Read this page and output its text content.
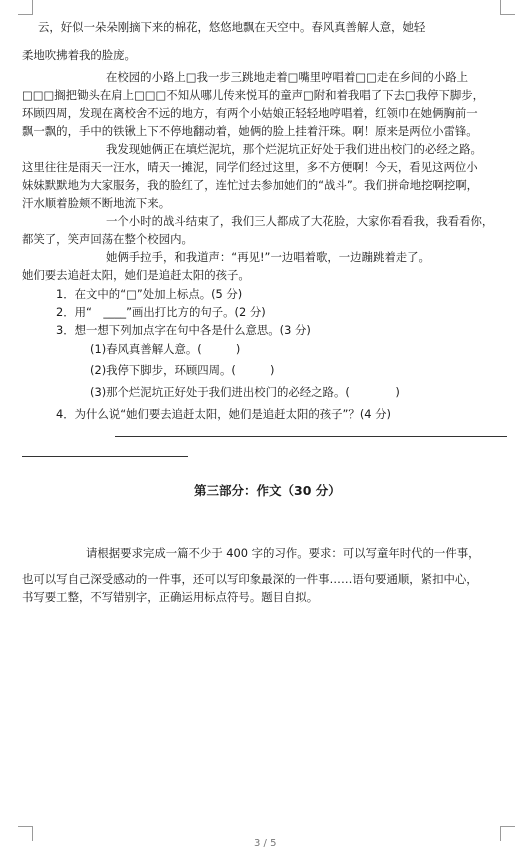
云，好似一朵朵刚摘下来的棉花，悠悠地飘在天空中。春风真善解人意，她轻
柔地吹拂着我的脸庞。
在校园的小路上□我一步三跳地走着□嘴里哼唱着□□走在乡间的小路上
□□□搁把锄头在肩上□□□不知从哪儿传来悦耳的童声□附和着我唱了下去□我停下脚步，
环顾四周，发现在离校舍不远的地方，有两个小姑娘正轻轻地哼唱着，红领巾在她俩胸前一
飘一飘的，手中的铁锹上下不停地翻动着，她俩的脸上挂着汗珠。啊！原来是两位小雷锋。
我发现她俩正在填烂泥坑，那个烂泥坑正好处于我们进出校门的必经之路。
这里往往是雨天一汪水，晴天一摊泥，同学们经过这里，多不方便啊！今天，看见这两位小
妹妹默默地为大家服务，我的脸红了，连忙过去参加她们的“战斗”。我们拼命地挖啊挖啊，
汗水顺着脸颊不断地流下来。
一个小时的战斗结束了，我们三人都成了大花脸，大家你看看我，我看看你，
都笑了，笑声回荡在整个校园内。
她俩手拉手，和我道声：“再见!”一边唱着歌，一边蹦跳着走了。
她们要去追赶太阳，她们是追赶太阳的孩子。
1．在文中的“□”处加上标点。(5 分)
2．用“　____”画出打比方的句子。(2 分)
3．想一想下列加点字在句中各是什么意思。(3 分)
(1)春风真善解人意。(　　　)
(2)我停下脚步，环顾四周。(　　　)
(3)那个烂泥坑正好处于我们进出校门的必经之路。(　　　　)
4．为什么说“她们要去追赶太阳，她们是追赶太阳的孩子”？(4 分)
第三部分：作文（30 分）
请根据要求完成一篇不少于 400 字的习作。要求：可以写童年时代的一件事，
也可以写自己深受感动的一件事，还可以写印象最深的一件事……语句要通顺，紧扣中心，
书写要工整，不写错别字，正确运用标点符号。题目自拟。
3 / 5
